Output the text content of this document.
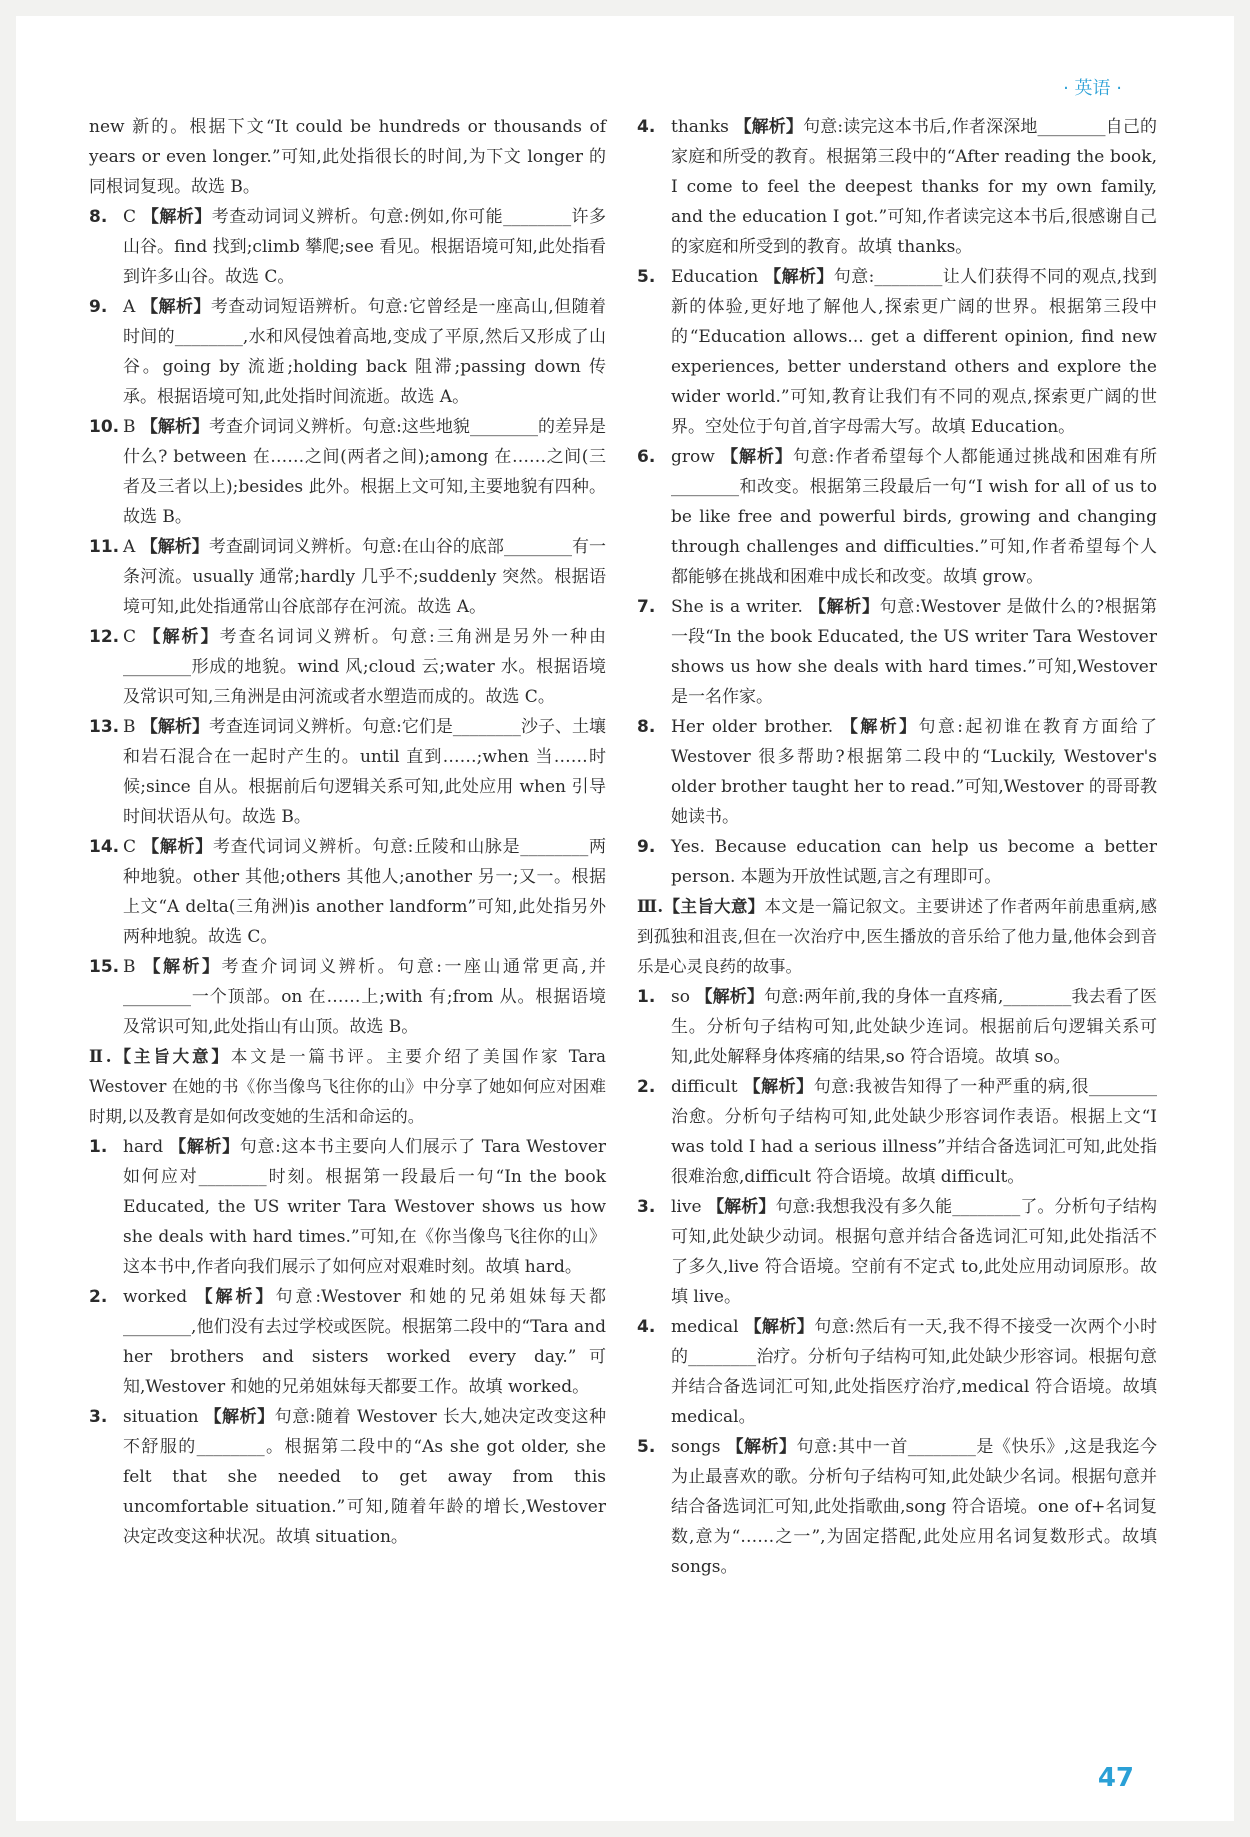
· 英语 ·

new 新的。根据下文“It could be hundreds or thousands of years or even longer.”可知,此处指很长的时间,为下文 longer 的同根词复现。故选 B。

8. C 【解析】考查动词词义辨析。句意:例如,你可能________许多山谷。find 找到;climb 攀爬;see 看见。根据语境可知,此处指看到许多山谷。故选 C。

9. A 【解析】考查动词短语辨析。句意:它曾经是一座高山,但随着时间的________,水和风侵蚀着高地,变成了平原,然后又形成了山谷。going by 流逝;holding back 阻滞;passing down 传承。根据语境可知,此处指时间流逝。故选 A。

10. B 【解析】考查介词词义辨析。句意:这些地貌________的差异是什么? between 在……之间(两者之间);among 在……之间(三者及三者以上);besides 此外。根据上文可知,主要地貌有四种。故选 B。

11. A 【解析】考查副词词义辨析。句意:在山谷的底部________有一条河流。usually 通常;hardly 几乎不;suddenly 突然。根据语境可知,此处指通常山谷底部存在河流。故选 A。

12. C 【解析】考查名词词义辨析。句意:三角洲是另外一种由________形成的地貌。wind 风;cloud 云;water 水。根据语境及常识可知,三角洲是由河流或者水塑造而成的。故选 C。

13. B 【解析】考查连词词义辨析。句意:它们是________沙子、土壤和岩石混合在一起时产生的。until 直到……;when 当……时候;since 自从。根据前后句逻辑关系可知,此处应用 when 引导时间状语从句。故选 B。

14. C 【解析】考查代词词义辨析。句意:丘陵和山脉是________两种地貌。other 其他;others 其他人;another 另一;又一。根据上文“A delta(三角洲)is another landform”可知,此处指另外两种地貌。故选 C。

15. B 【解析】考查介词词义辨析。句意:一座山通常更高,并________一个顶部。on 在……上;with 有;from 从。根据语境及常识可知,此处指山有山顶。故选 B。

Ⅱ.【主旨大意】本文是一篇书评。主要介绍了美国作家 Tara Westover 在她的书《你当像鸟飞往你的山》中分享了她如何应对困难时期,以及教育是如何改变她的生活和命运的。

1. hard 【解析】句意:这本书主要向人们展示了 Tara Westover 如何应对________时刻。根据第一段最后一句“In the book Educated, the US writer Tara Westover shows us how she deals with hard times.”可知,在《你当像鸟飞往你的山》这本书中,作者向我们展示了如何应对艰难时刻。故填 hard。

2. worked 【解析】句意:Westover 和她的兄弟姐妹每天都________,他们没有去过学校或医院。根据第二段中的“Tara and her brothers and sisters worked every day.”可知,Westover 和她的兄弟姐妹每天都要工作。故填 worked。

3. situation 【解析】句意:随着 Westover 长大,她决定改变这种不舒服的________。根据第二段中的“As she got older, she felt that she needed to get away from this uncomfortable situation.”可知,随着年龄的增长,Westover 决定改变这种状况。故填 situation。

4. thanks 【解析】句意:读完这本书后,作者深深地________自己的家庭和所受的教育。根据第三段中的“After reading the book, I come to feel the deepest thanks for my own family, and the education I got.”可知,作者读完这本书后,很感谢自己的家庭和所受到的教育。故填 thanks。

5. Education 【解析】句意:________让人们获得不同的观点,找到新的体验,更好地了解他人,探索更广阔的世界。根据第三段中的“Education allows... get a different opinion, find new experiences, better understand others and explore the wider world.”可知,教育让我们有不同的观点,探索更广阔的世界。空处位于句首,首字母需大写。故填 Education。

6. grow 【解析】句意:作者希望每个人都能通过挑战和困难有所________和改变。根据第三段最后一句“I wish for all of us to be like free and powerful birds, growing and changing through challenges and difficulties.”可知,作者希望每个人都能够在挑战和困难中成长和改变。故填 grow。

7. She is a writer. 【解析】句意:Westover 是做什么的?根据第一段“In the book Educated, the US writer Tara Westover shows us how she deals with hard times.”可知,Westover 是一名作家。

8. Her older brother. 【解析】句意:起初谁在教育方面给了 Westover 很多帮助?根据第二段中的“Luckily, Westover's older brother taught her to read.”可知,Westover 的哥哥教她读书。

9. Yes. Because education can help us become a better person. 本题为开放性试题,言之有理即可。

Ⅲ.【主旨大意】本文是一篇记叙文。主要讲述了作者两年前患重病,感到孤独和沮丧,但在一次治疗中,医生播放的音乐给了他力量,他体会到音乐是心灵良药的故事。

1. so 【解析】句意:两年前,我的身体一直疼痛,________我去看了医生。分析句子结构可知,此处缺少连词。根据前后句逻辑关系可知,此处解释身体疼痛的结果,so 符合语境。故填 so。

2. difficult 【解析】句意:我被告知得了一种严重的病,很________治愈。分析句子结构可知,此处缺少形容词作表语。根据上文“I was told I had a serious illness”并结合备选词汇可知,此处指很难治愈,difficult 符合语境。故填 difficult。

3. live 【解析】句意:我想我没有多久能________了。分析句子结构可知,此处缺少动词。根据句意并结合备选词汇可知,此处指活不了多久,live 符合语境。空前有不定式 to,此处应用动词原形。故填 live。

4. medical 【解析】句意:然后有一天,我不得不接受一次两个小时的________治疗。分析句子结构可知,此处缺少形容词。根据句意并结合备选词汇可知,此处指医疗治疗,medical 符合语境。故填 medical。

5. songs 【解析】句意:其中一首________是《快乐》,这是我迄今为止最喜欢的歌。分析句子结构可知,此处缺少名词。根据句意并结合备选词汇可知,此处指歌曲,song 符合语境。one of+名词复数,意为“……之一”,为固定搭配,此处应用名词复数形式。故填 songs。

47
